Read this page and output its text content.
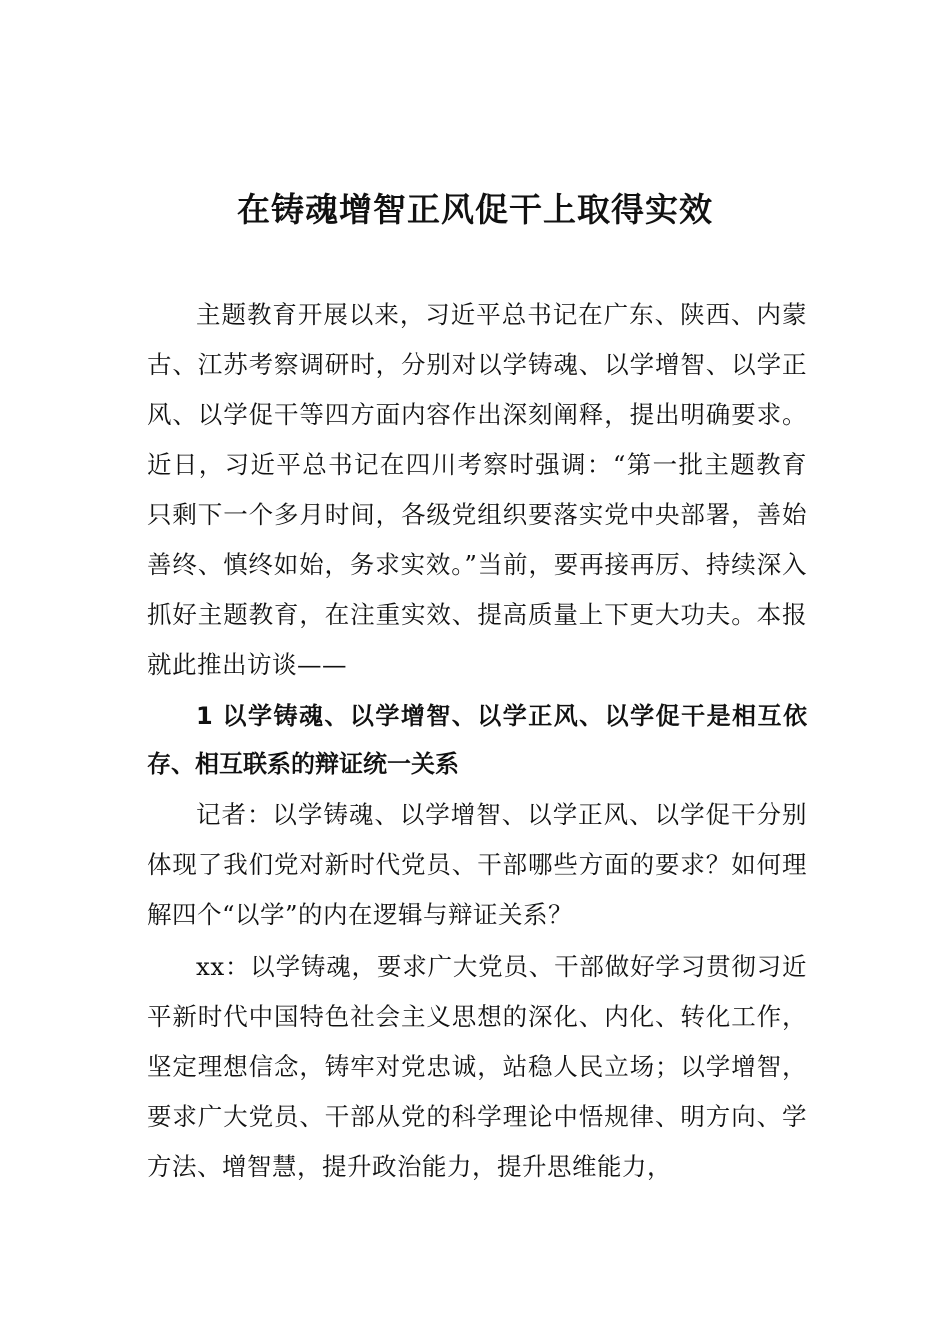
在铸魂增智正风促干上取得实效

主题教育开展以来，习近平总书记在广东、陕西、内蒙古、江苏考察调研时，分别对以学铸魂、以学增智、以学正风、以学促干等四方面内容作出深刻阐释，提出明确要求。近日，习近平总书记在四川考察时强调：“第一批主题教育只剩下一个多月时间，各级党组织要落实党中央部署，善始善终、慎终如始，务求实效。”当前，要再接再厉、持续深入抓好主题教育，在注重实效、提高质量上下更大功夫。本报就此推出访谈——

1 以学铸魂、以学增智、以学正风、以学促干是相互依存、相互联系的辩证统一关系

记者：以学铸魂、以学增智、以学正风、以学促干分别体现了我们党对新时代党员、干部哪些方面的要求？如何理解四个“以学”的内在逻辑与辩证关系？

xx：以学铸魂，要求广大党员、干部做好学习贯彻习近平新时代中国特色社会主义思想的深化、内化、转化工作，坚定理想信念，铸牢对党忠诚，站稳人民立场；以学增智，要求广大党员、干部从党的科学理论中悟规律、明方向、学方法、增智慧，提升政治能力，提升思维能力，
